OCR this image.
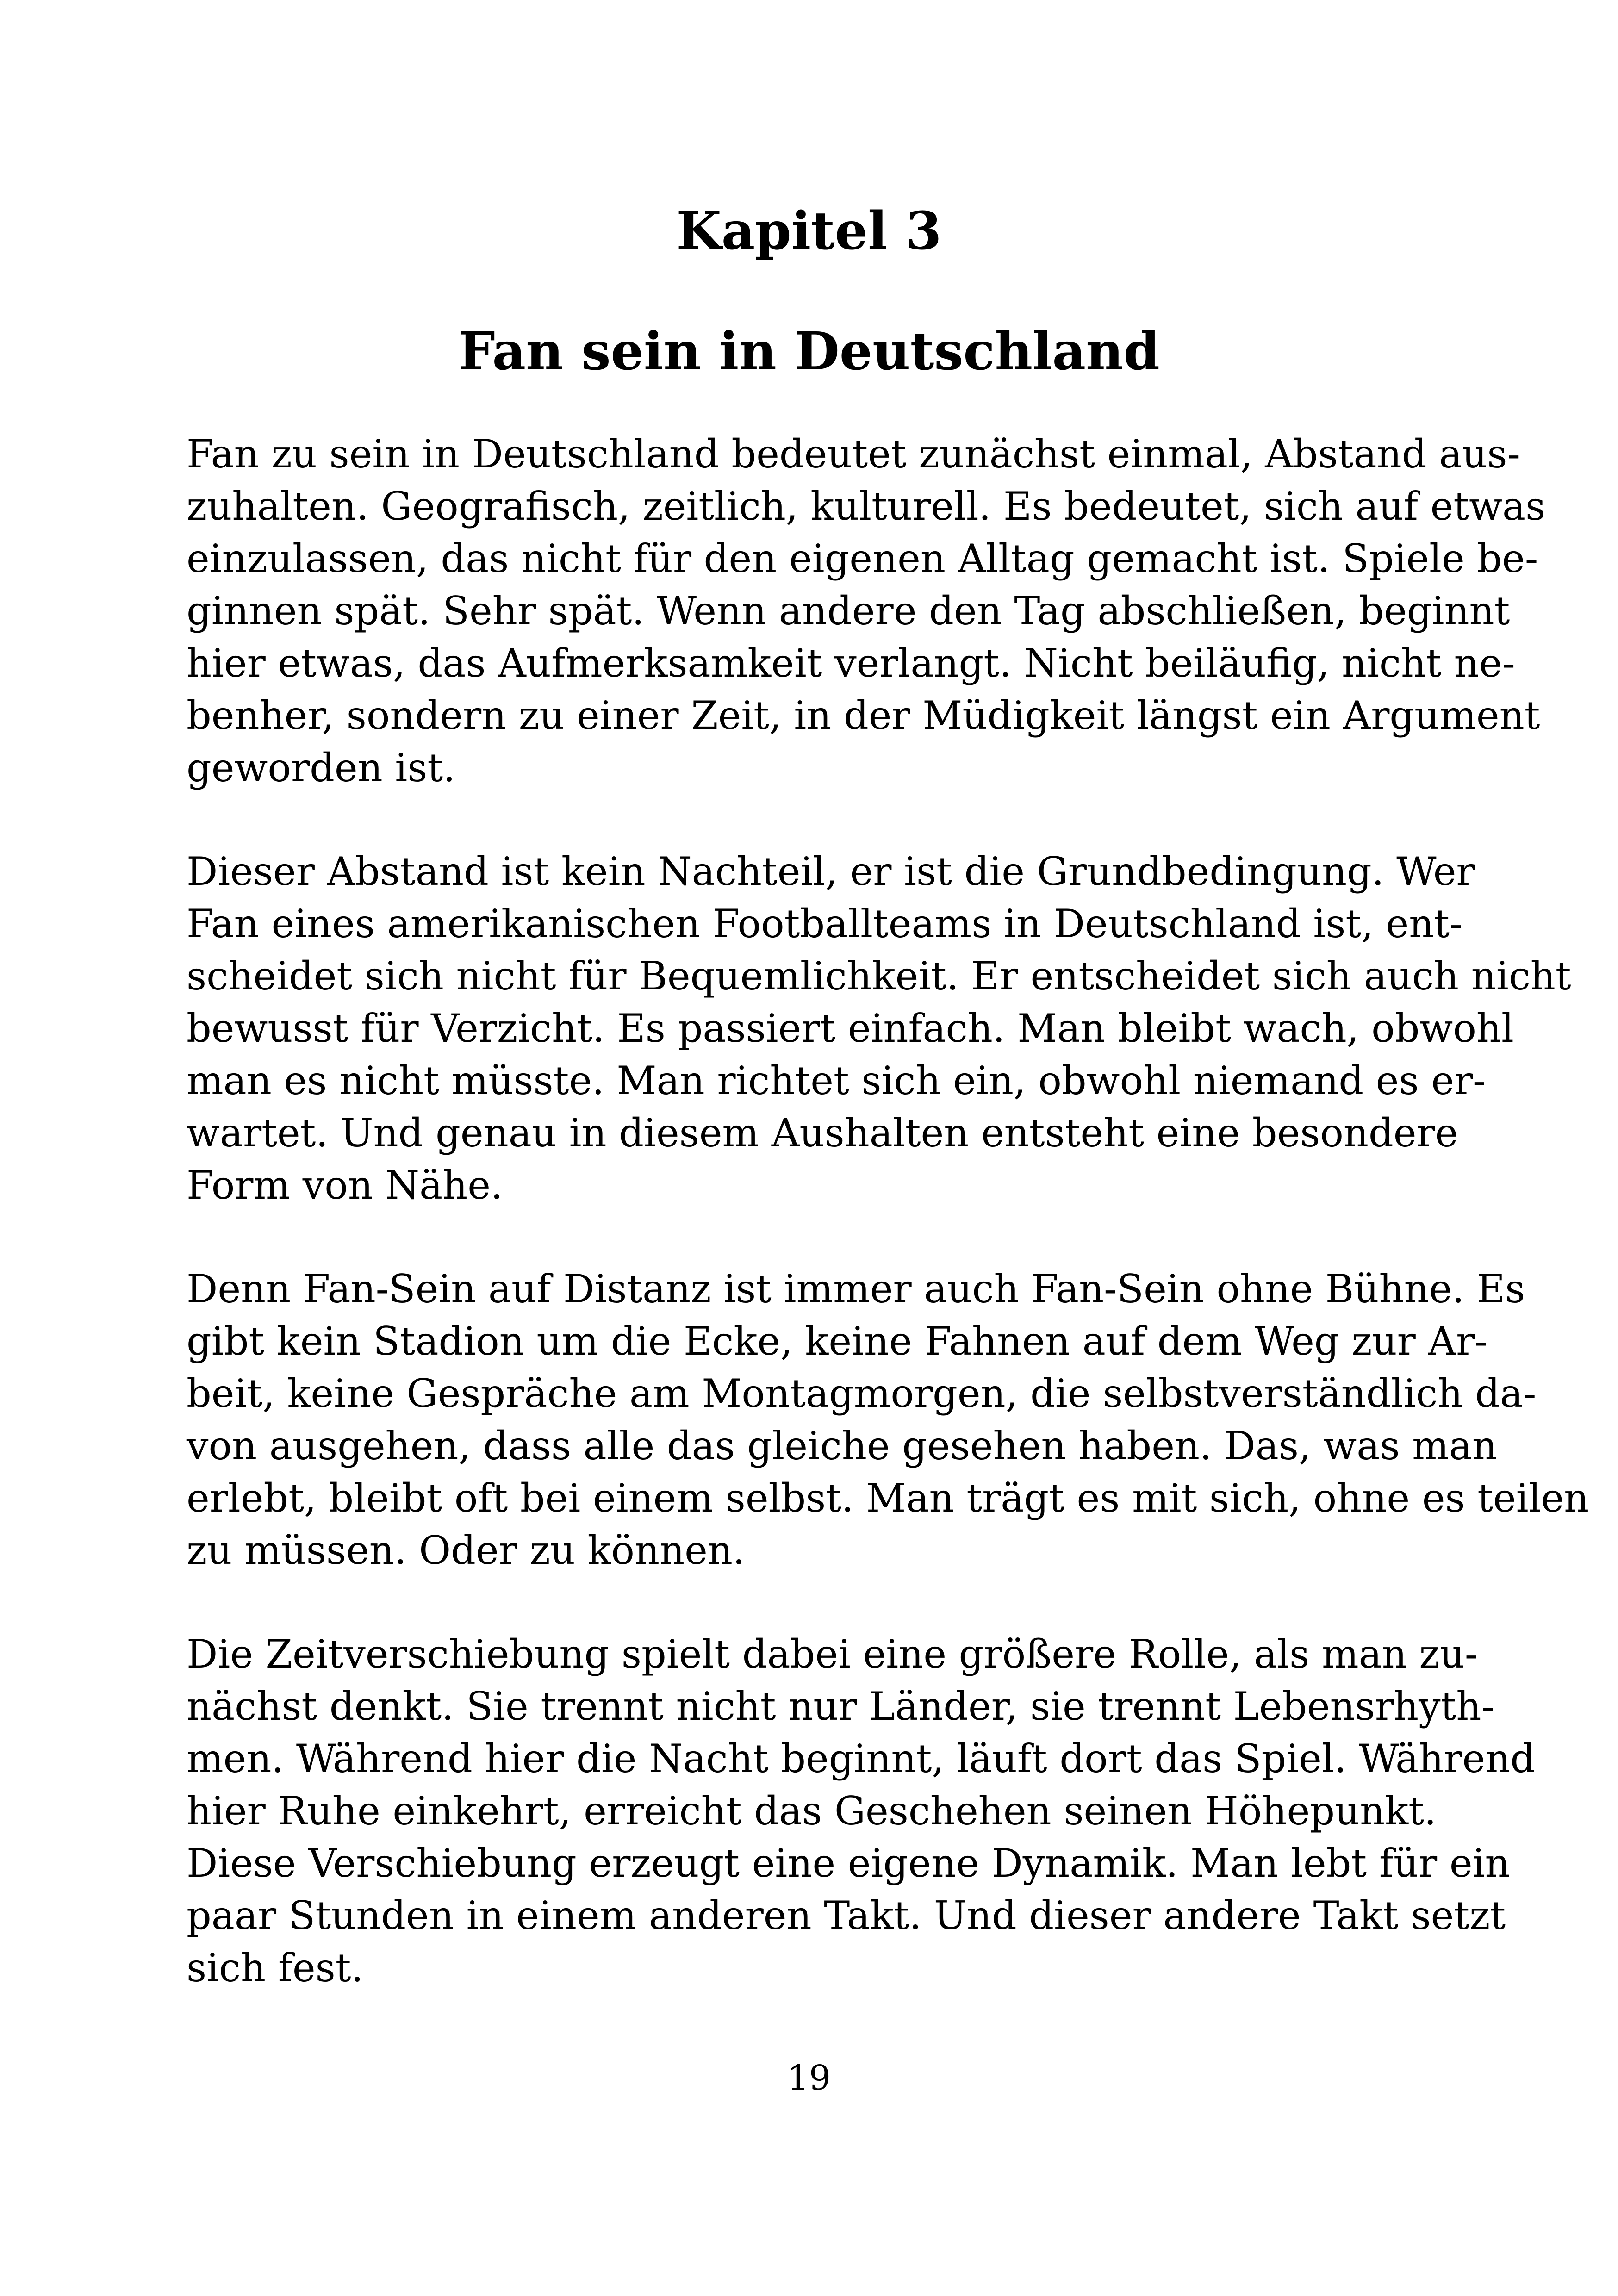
Kapitel 3
Fan sein in Deutschland

Fan zu sein in Deutschland bedeutet zunächst einmal, Abstand aus-
zuhalten. Geografisch, zeitlich, kulturell. Es bedeutet, sich auf etwas
einzulassen, das nicht für den eigenen Alltag gemacht ist. Spiele be-
ginnen spät. Sehr spät. Wenn andere den Tag abschließen, beginnt
hier etwas, das Aufmerksamkeit verlangt. Nicht beiläufig, nicht ne-
benher, sondern zu einer Zeit, in der Müdigkeit längst ein Argument
geworden ist.

Dieser Abstand ist kein Nachteil, er ist die Grundbedingung. Wer
Fan eines amerikanischen Footballteams in Deutschland ist, ent-
scheidet sich nicht für Bequemlichkeit. Er entscheidet sich auch nicht
bewusst für Verzicht. Es passiert einfach. Man bleibt wach, obwohl
man es nicht müsste. Man richtet sich ein, obwohl niemand es er-
wartet. Und genau in diesem Aushalten entsteht eine besondere
Form von Nähe.

Denn Fan-Sein auf Distanz ist immer auch Fan-Sein ohne Bühne. Es
gibt kein Stadion um die Ecke, keine Fahnen auf dem Weg zur Ar-
beit, keine Gespräche am Montagmorgen, die selbstverständlich da-
von ausgehen, dass alle das gleiche gesehen haben. Das, was man
erlebt, bleibt oft bei einem selbst. Man trägt es mit sich, ohne es teilen
zu müssen. Oder zu können.

Die Zeitverschiebung spielt dabei eine größere Rolle, als man zu-
nächst denkt. Sie trennt nicht nur Länder, sie trennt Lebensrhyth-
men. Während hier die Nacht beginnt, läuft dort das Spiel. Während
hier Ruhe einkehrt, erreicht das Geschehen seinen Höhepunkt.
Diese Verschiebung erzeugt eine eigene Dynamik. Man lebt für ein
paar Stunden in einem anderen Takt. Und dieser andere Takt setzt
sich fest.

19
